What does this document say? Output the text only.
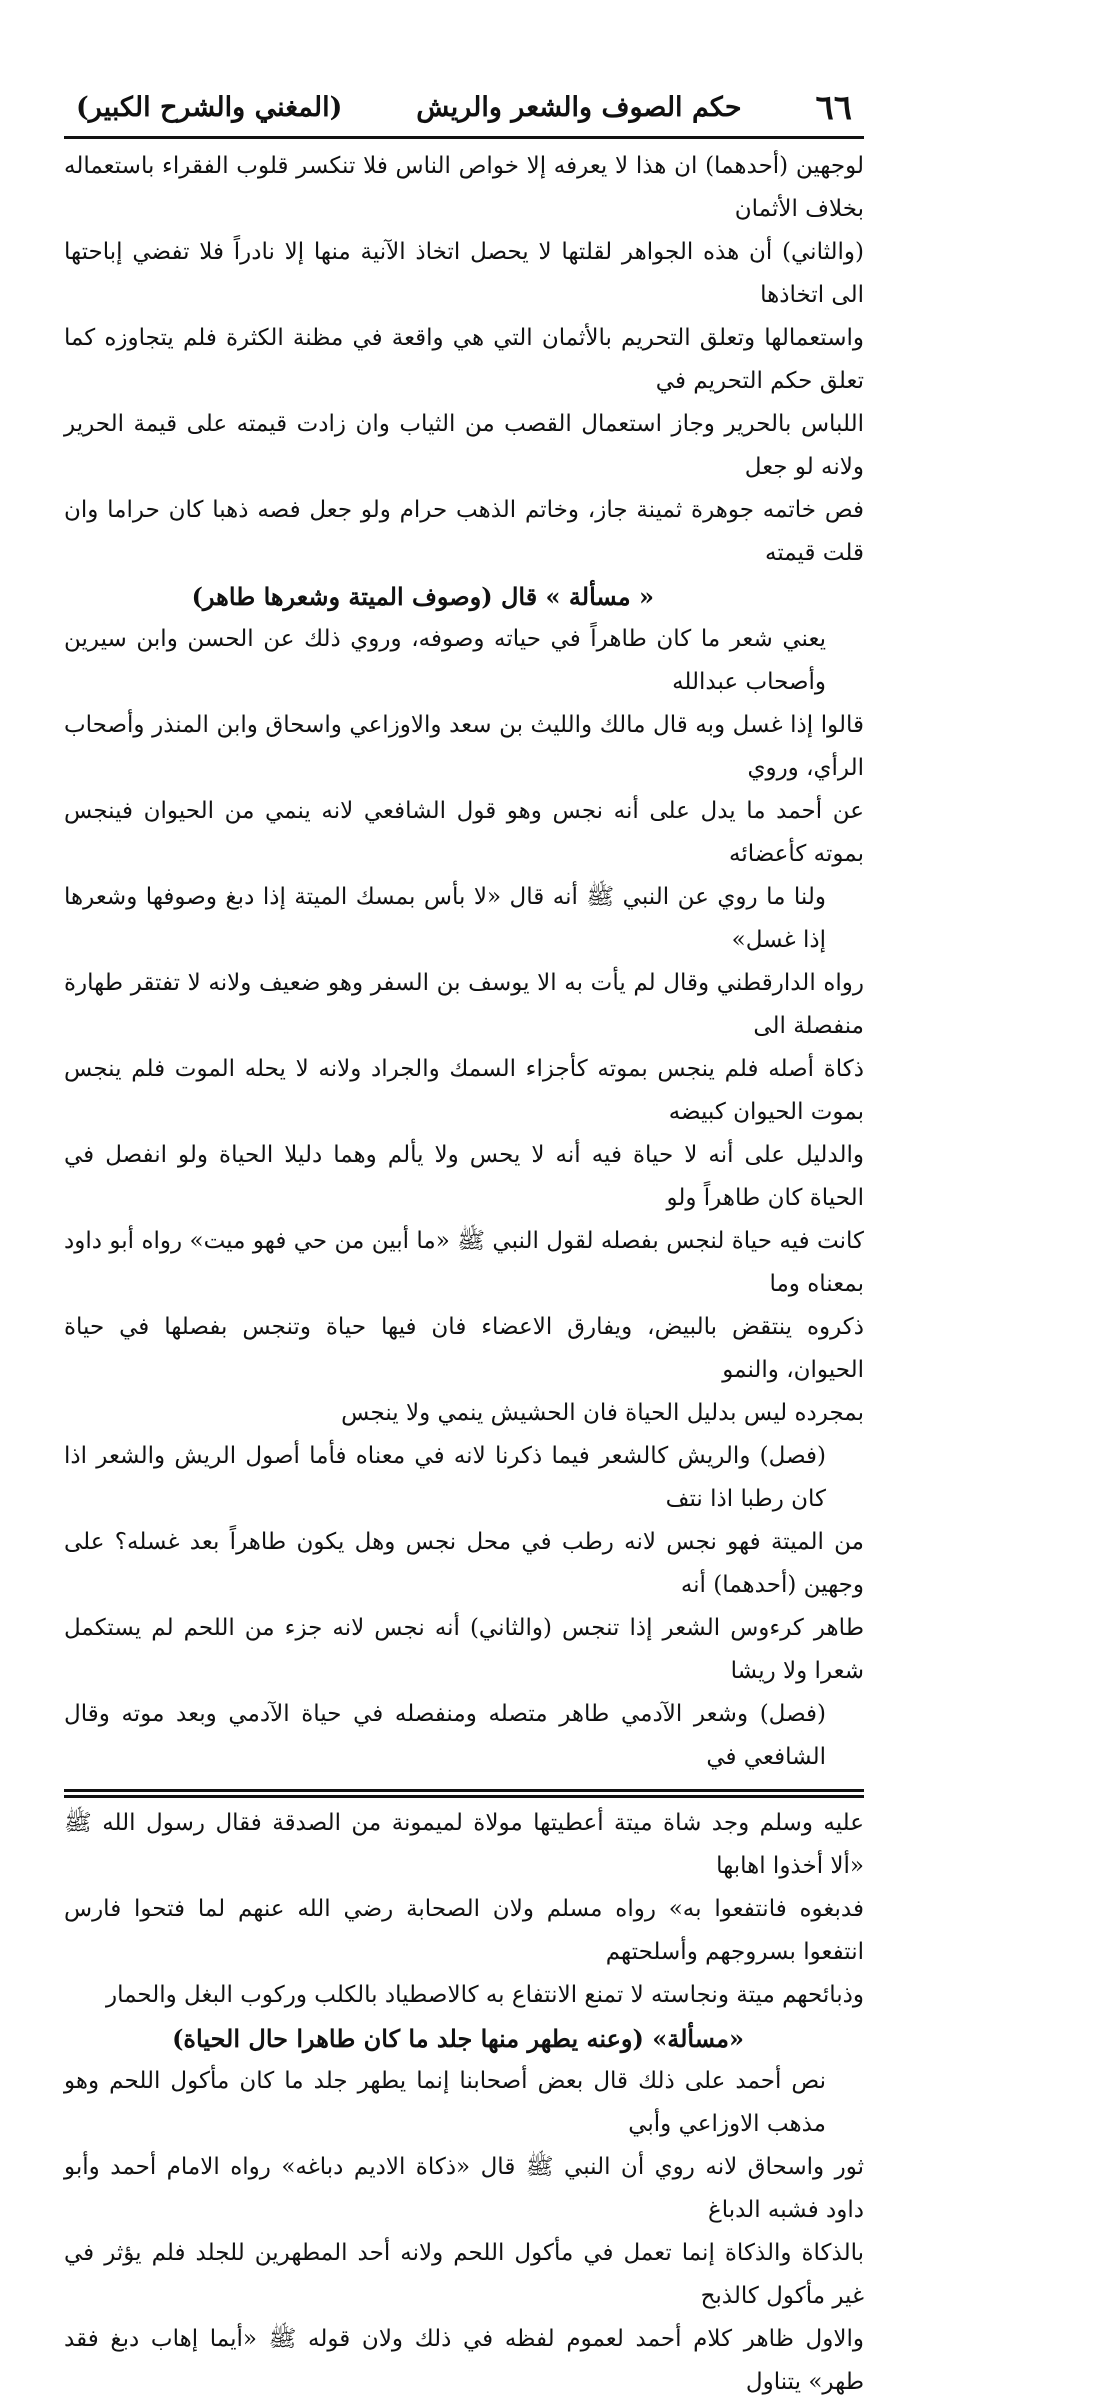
٦٦
حكم الصوف والشعر والريش
(المغني والشرح الكبير)
لوجهين (أحدهما) ان هذا لا يعرفه إلا خواص الناس فلا تنكسر قلوب الفقراء باستعماله بخلاف الأثمان
(والثاني) أن هذه الجواهر لقلتها لا يحصل اتخاذ الآنية منها إلا نادراً فلا تفضي إباحتها الى اتخاذها
واستعمالها وتعلق التحريم بالأثمان التي هي واقعة في مظنة الكثرة فلم يتجاوزه كما تعلق حكم التحريم في
اللباس بالحرير وجاز استعمال القصب من الثياب وان زادت قيمته على قيمة الحرير ولانه لو جعل
فص خاتمه جوهرة ثمينة جاز، وخاتم الذهب حرام ولو جعل فصه ذهبا كان حراما وان قلت قيمته
« مسألة » قال (وصوف الميتة وشعرها طاهر)
يعني شعر ما كان طاهراً في حياته وصوفه، وروي ذلك عن الحسن وابن سيرين وأصحاب عبدالله
قالوا إذا غسل وبه قال مالك والليث بن سعد والاوزاعي واسحاق وابن المنذر وأصحاب الرأي، وروي
عن أحمد ما يدل على أنه نجس وهو قول الشافعي لانه ينمي من الحيوان فينجس بموته كأعضائه
ولنا ما روي عن النبي ﷺ أنه قال «لا بأس بمسك الميتة إذا دبغ وصوفها وشعرها إذا غسل»
رواه الدارقطني وقال لم يأت به الا يوسف بن السفر وهو ضعيف ولانه لا تفتقر طهارة منفصلة الى
ذكاة أصله فلم ينجس بموته كأجزاء السمك والجراد ولانه لا يحله الموت فلم ينجس بموت الحيوان كبيضه
والدليل على أنه لا حياة فيه أنه لا يحس ولا يألم وهما دليلا الحياة ولو انفصل في الحياة كان طاهراً ولو
كانت فيه حياة لنجس بفصله لقول النبي ﷺ «ما أبين من حي فهو ميت» رواه أبو داود بمعناه وما
ذكروه ينتقض بالبيض، ويفارق الاعضاء فان فيها حياة وتنجس بفصلها في حياة الحيوان، والنمو
بمجرده ليس بدليل الحياة فان الحشيش ينمي ولا ينجس
(فصل) والريش كالشعر فيما ذكرنا لانه في معناه فأما أصول الريش والشعر اذا كان رطبا اذا نتف
من الميتة فهو نجس لانه رطب في محل نجس وهل يكون طاهراً بعد غسله؟ على وجهين (أحدهما) أنه
طاهر كرءوس الشعر إذا تنجس (والثاني) أنه نجس لانه جزء من اللحم لم يستكمل شعرا ولا ريشا
(فصل) وشعر الآدمي طاهر متصله ومنفصله في حياة الآدمي وبعد موته وقال الشافعي في
عليه وسلم وجد شاة ميتة أعطيتها مولاة لميمونة من الصدقة فقال رسول الله ﷺ «ألا أخذوا اهابها
فدبغوه فانتفعوا به» رواه مسلم ولان الصحابة رضي الله عنهم لما فتحوا فارس انتفعوا بسروجهم وأسلحتهم
وذبائحهم ميتة ونجاسته لا تمنع الانتفاع به كالاصطياد بالكلب وركوب البغل والحمار
«مسألة» (وعنه يطهر منها جلد ما كان طاهرا حال الحياة)
نص أحمد على ذلك قال بعض أصحابنا إنما يطهر جلد ما كان مأكول اللحم وهو مذهب الاوزاعي وأبي
ثور واسحاق لانه روي أن النبي ﷺ قال «ذكاة الاديم دباغه» رواه الامام أحمد وأبو داود فشبه الدباغ
بالذكاة والذكاة إنما تعمل في مأكول اللحم ولانه أحد المطهرين للجلد فلم يؤثر في غير مأكول كالذبح
والاول ظاهر كلام أحمد لعموم لفظه في ذلك ولان قوله ﷺ «أيما إهاب دبغ فقد طهر» يتناول
